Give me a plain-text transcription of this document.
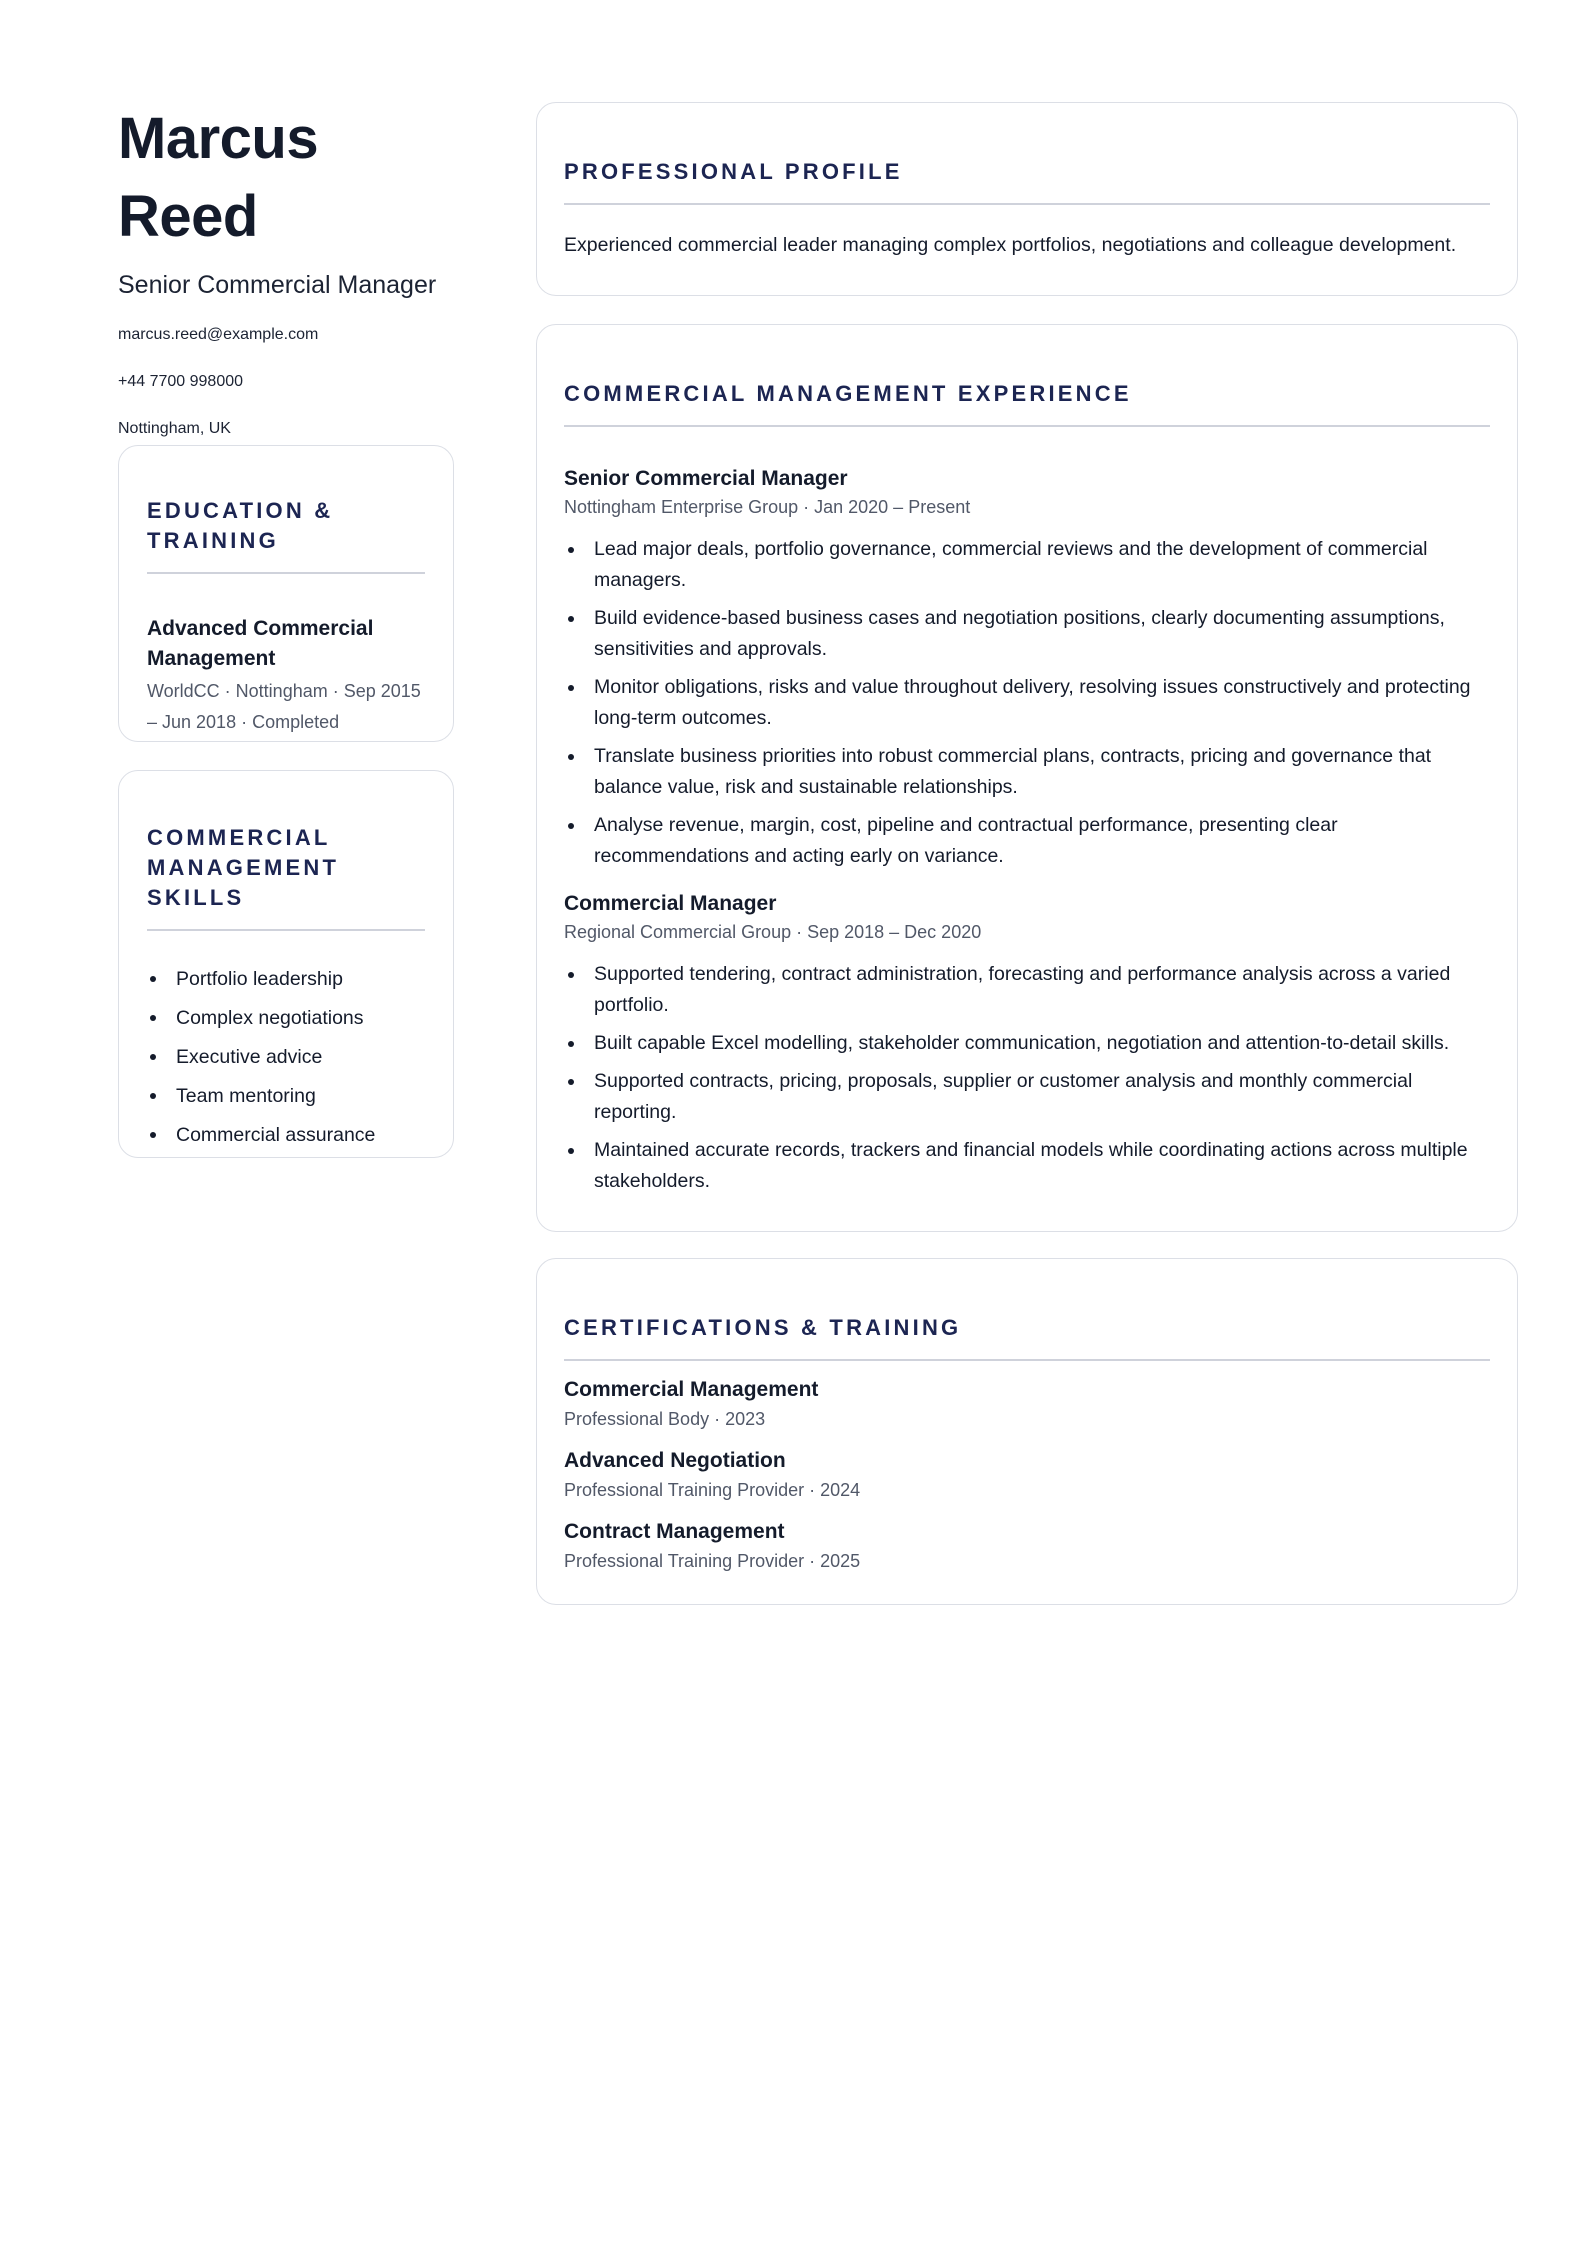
Marcus Reed
Senior Commercial Manager
marcus.reed@example.com
+44 7700 998000
Nottingham, UK
EDUCATION & TRAINING
Advanced Commercial Management
WorldCC · Nottingham · Sep 2015 – Jun 2018 · Completed
COMMERCIAL MANAGEMENT SKILLS
Portfolio leadership
Complex negotiations
Executive advice
Team mentoring
Commercial assurance
PROFESSIONAL PROFILE
Experienced commercial leader managing complex portfolios, negotiations and colleague development.
COMMERCIAL MANAGEMENT EXPERIENCE
Senior Commercial Manager
Nottingham Enterprise Group · Jan 2020 – Present
Lead major deals, portfolio governance, commercial reviews and the development of commercial managers.
Build evidence-based business cases and negotiation positions, clearly documenting assumptions, sensitivities and approvals.
Monitor obligations, risks and value throughout delivery, resolving issues constructively and protecting long-term outcomes.
Translate business priorities into robust commercial plans, contracts, pricing and governance that balance value, risk and sustainable relationships.
Analyse revenue, margin, cost, pipeline and contractual performance, presenting clear recommendations and acting early on variance.
Commercial Manager
Regional Commercial Group · Sep 2018 – Dec 2020
Supported tendering, contract administration, forecasting and performance analysis across a varied portfolio.
Built capable Excel modelling, stakeholder communication, negotiation and attention-to-detail skills.
Supported contracts, pricing, proposals, supplier or customer analysis and monthly commercial reporting.
Maintained accurate records, trackers and financial models while coordinating actions across multiple stakeholders.
CERTIFICATIONS & TRAINING
Commercial Management
Professional Body · 2023
Advanced Negotiation
Professional Training Provider · 2024
Contract Management
Professional Training Provider · 2025
